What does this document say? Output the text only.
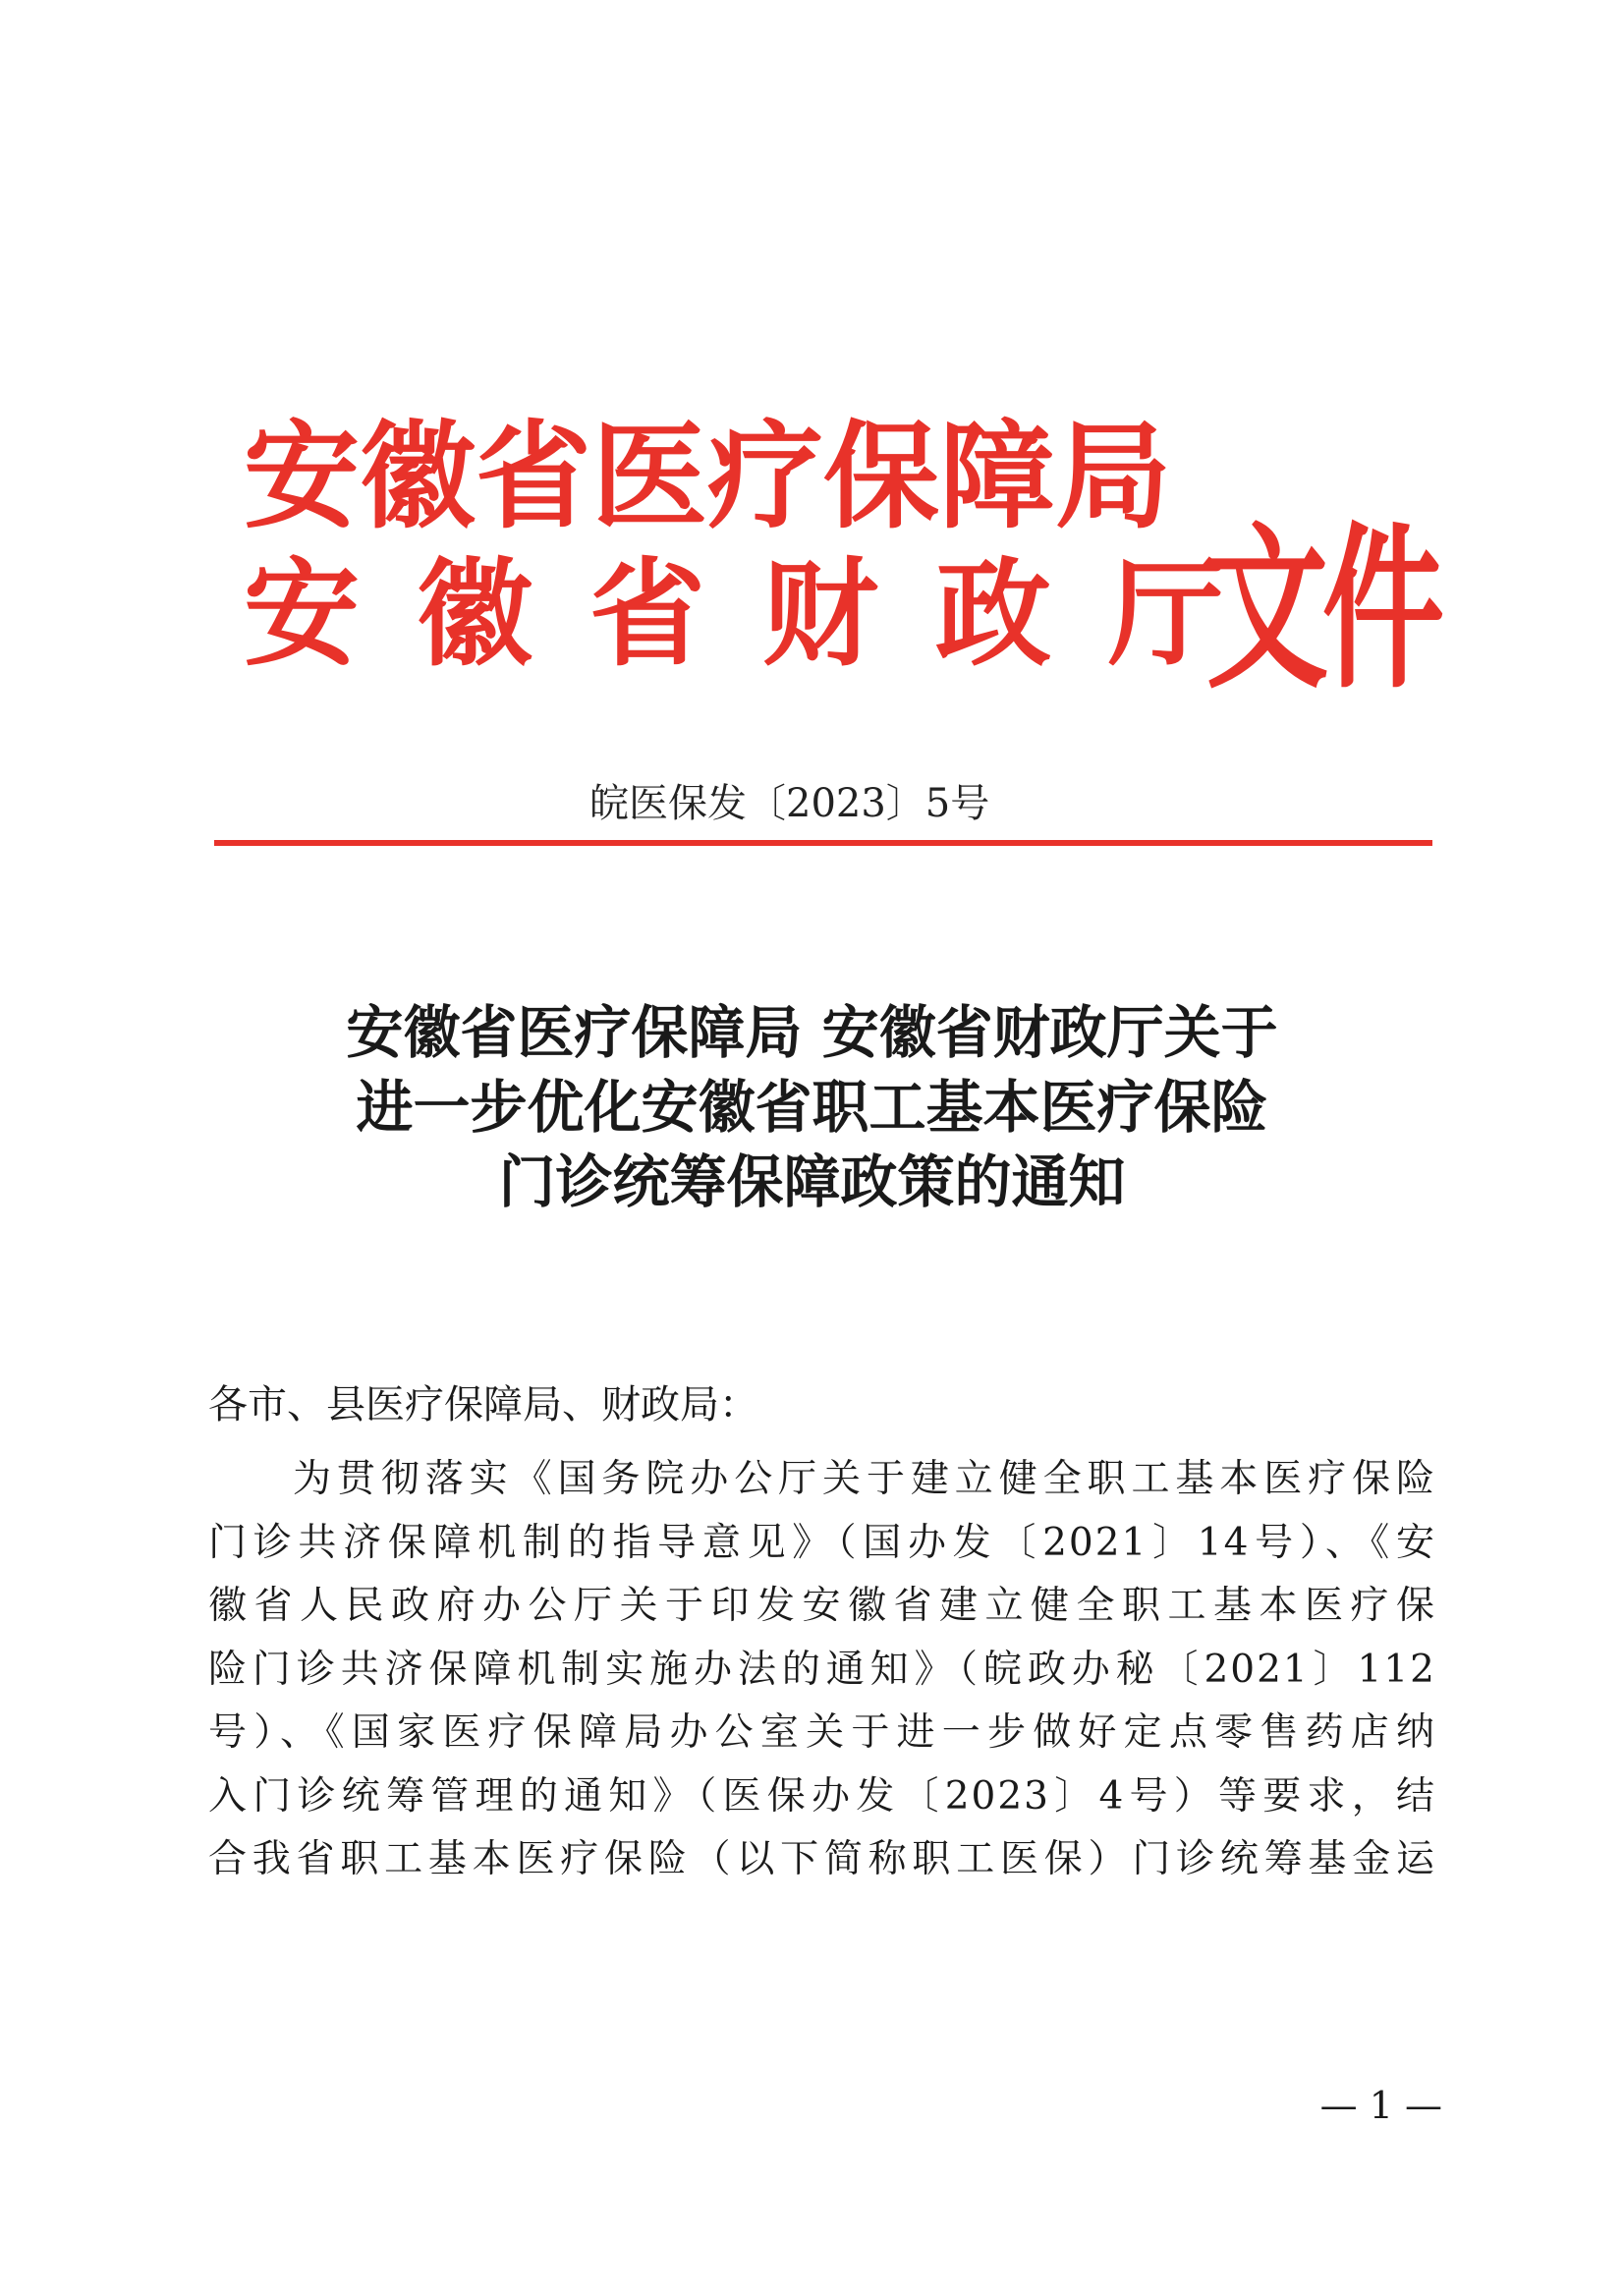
安徽省医疗保障局
安徽省财政厅
文件
皖医保发〔2023〕5号
安徽省医疗保障局 安徽省财政厅关于
进一步优化安徽省职工基本医疗保险
门诊统筹保障政策的通知
各市、县医疗保障局、财政局：
为贯彻落实《国务院办公厅关于建立健全职工基本医疗保险
门诊共济保障机制的指导意见》（国办发〔2021〕14号）、《安
徽省人民政府办公厅关于印发安徽省建立健全职工基本医疗保
险门诊共济保障机制实施办法的通知》（皖政办秘〔2021〕112
号）、《国家医疗保障局办公室关于进一步做好定点零售药店纳
入门诊统筹管理的通知》（医保办发〔2023〕4号）等要求，结
合我省职工基本医疗保险（以下简称职工医保）门诊统筹基金运
— 1 —
